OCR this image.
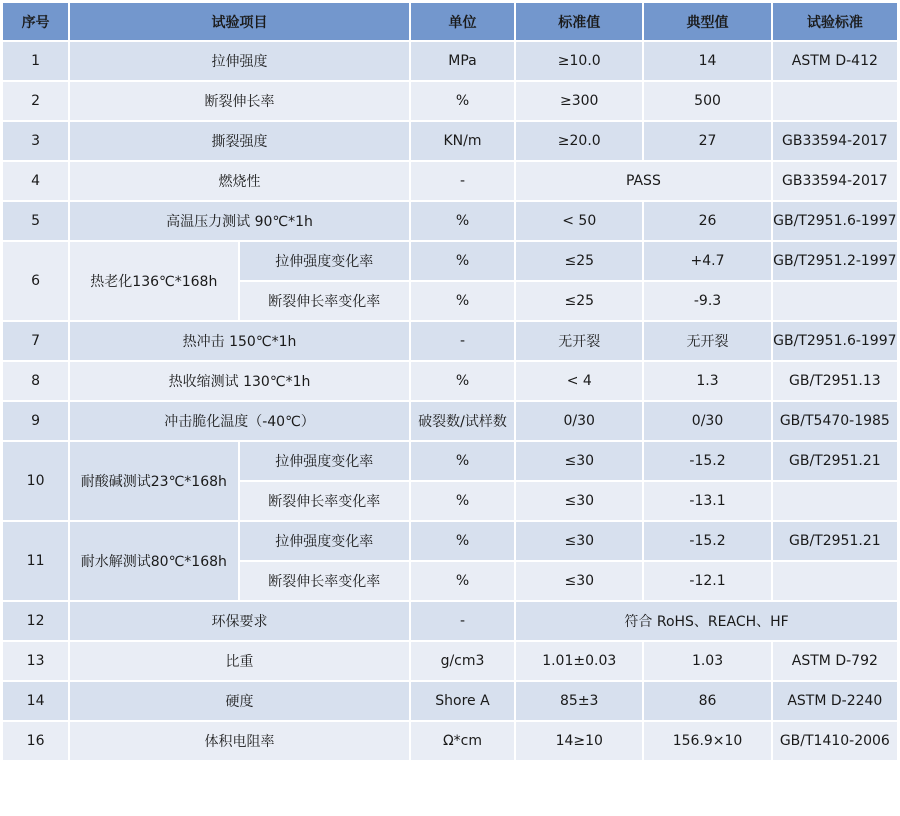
序号	试验项目		单位	标准值	典型值	试验标准
1	拉伸强度		MPa	≥10.0	14	ASTM D-412
2	断裂伸长率		%	≥300	500	
3	撕裂强度		KN/m	≥20.0	27	GB33594-2017
4	燃烧性		-	PASS		GB33594-2017
5	高温压力测试 90℃*1h		%	< 50	26	GB/T2951.6-1997
6	热老化136℃*168h	拉伸强度变化率	%	≤25	+4.7	GB/T2951.2-1997
		断裂伸长率变化率	%	≤25	-9.3	
7	热冲击 150℃*1h		-	无开裂	无开裂	GB/T2951.6-1997
8	热收缩测试 130℃*1h		%	< 4	1.3	GB/T2951.13
9	冲击脆化温度（-40℃）		破裂数/试样数	0/30	0/30	GB/T5470-1985
10	耐酸碱测试23℃*168h	拉伸强度变化率	%	≤30	-15.2	GB/T2951.21
		断裂伸长率变化率	%	≤30	-13.1	
11	耐水解测试80℃*168h	拉伸强度变化率	%	≤30	-15.2	GB/T2951.21
		断裂伸长率变化率	%	≤30	-12.1	
12	环保要求		-	符合 RoHS、REACH、HF		
13	比重		g/cm3	1.01±0.03	1.03	ASTM D-792
14	硬度		Shore A	85±3	86	ASTM D-2240
16	体积电阻率		Ω*cm	14≥10	156.9×10	GB/T1410-2006
